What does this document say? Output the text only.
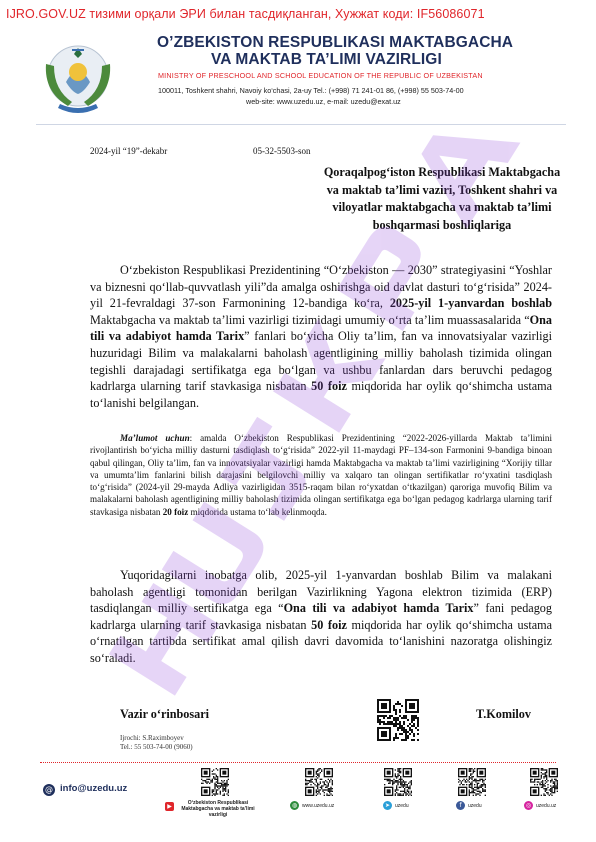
IJRO.GOV.UZ тизими орқали ЭРИ билан тасдиқланган, Хужжат коди: IF56086071
O’ZBEKISTON RESPUBLIKASI MAKTABGACHA
VA MAKTAB TA’LIMI VAZIRLIGI
MINISTRY OF PRESCHOOL AND SCHOOL EDUCATION OF THE REPUBLIC OF UZBEKISTAN
100011, Toshkent shahri, Navoiy ko‘chasi, 2a-uy Tel.: (+998) 71 241-01 86, (+998) 55 503-74-00
web-site: www.uzedu.uz, e-mail: uzedu@exat.uz
2024-yil “19”-dekabr	05-32-5503-son
Qoraqalpog‘iston Respublikasi Maktabgacha va maktab ta’limi vaziri, Toshkent shahri va viloyatlar maktabgacha va maktab ta’limi boshqarmasi boshliqlariga
O‘zbekiston Respublikasi Prezidentining “O‘zbekiston — 2030” strategiyasini “Yoshlar va biznesni qo‘llab-quvvatlash yili”da amalga oshirishga oid davlat dasturi to‘g‘risida” 2024-yil 21-fevraldagi 37-son Farmonining 12-bandiga ko‘ra, 2025-yil 1-yanvardan boshlab Maktabgacha va maktab ta’limi vazirligi tizimidagi umumiy o‘rta ta’lim muassasalarida “Ona tili va adabiyot hamda Tarix” fanlari bo‘yicha Oliy ta’lim, fan va innovatsiyalar vazirligi huzuridagi Bilim va malakalarni baholash agentligining milliy baholash tizimida olingan tegishli darajadagi sertifikatga ega bo‘lgan va ushbu fanlardan dars beruvchi pedagog kadrlarga ularning tarif stavkasiga nisbatan 50 foiz miqdorida har oylik qo‘shimcha ustama to‘lanishi belgilangan.
Ma’lumot uchun: amalda O‘zbekiston Respublikasi Prezidentining “2022-2026-yillarda Maktab ta’limini rivojlantirish bo‘yicha milliy dasturni tasdiqlash to‘g‘risida” 2022-yil 11-maydagi PF–134-son Farmonini 9-bandiga binoan qabul qilingan, Oliy ta’lim, fan va innovatsiyalar vazirligi hamda Maktabgacha va maktab ta’limi vazirligining “Xorijiy tillar va umumta’lim fanlarini bilish darajasini belgilovchi milliy va xalqaro tan olingan sertifikatlar ro‘yxatini tasdiqlash to‘g‘risida” (2024-yil 29-mayda Adliya vazirligidan 3515-raqam bilan ro‘yxatdan o‘tkazilgan) qaroriga muvofiq Bilim va malakalarni baholash agentligining milliy baholash tizimida olingan sertifikatga ega bo‘lgan pedagog kadrlarga ularning tarif stavkasiga nisbatan 20 foiz miqdorida ustama to‘lab kelinmoqda.
Yuqoridagilarni inobatga olib, 2025-yil 1-yanvardan boshlab Bilim va malakani baholash agentligi tomonidan berilgan Vazirlikning Yagona elektron tizimida (ERP) tasdiqlangan milliy sertifikatga ega “Ona tili va adabiyot hamda Tarix” fani pedagog kadrlarga ularning tarif stavkasiga nisbatan 50 foiz miqdorida har oylik qo‘shimcha ustama o‘rnatilgan tartibda sertifikat amal qilish davri davomida to‘lanishini nazoratga olishingiz so‘raladi.
Vazir o‘rinbosari	T.Komilov
Ijrochi: S.Raximboyev
Tel.: 55 503-74-00 (9060)
@ info@uzedu.uz
▶	O‘zbekiston Respublikasi Maktabgacha va maktab ta’limi vazirligi
◍ www.uzedu.uz	➤ uzedu	f	uzedu	◎ uzedu.uz
